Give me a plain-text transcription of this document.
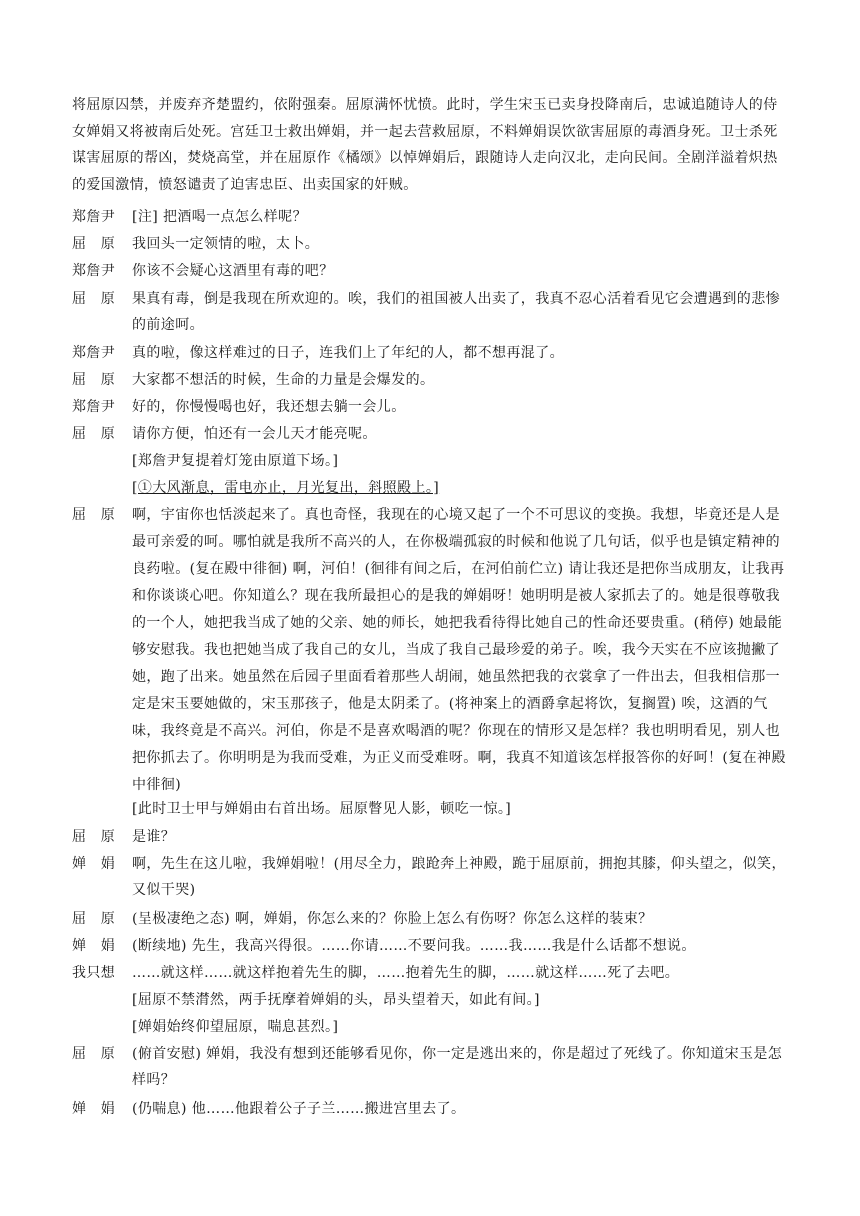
将屈原囚禁，并废弃齐楚盟约，依附强秦。屈原满怀忧愤。此时，学生宋玉已卖身投降南后，忠诚追随诗人的侍女婵娟又将被南后处死。宫廷卫士救出婵娟，并一起去营救屈原，不料婵娟误饮欲害屈原的毒酒身死。卫士杀死谋害屈原的帮凶，焚烧高堂，并在屈原作《橘颂》以悼婵娟后，跟随诗人走向汉北，走向民间。全剧洋溢着炽热的爱国激情，愤怒谴责了迫害忠臣、出卖国家的奸贼。
郑詹尹	[注] 把酒喝一点怎么样呢？
屈　原	我回头一定领情的啦，太卜。
郑詹尹	你该不会疑心这酒里有毒的吧？
屈　原	果真有毒，倒是我现在所欢迎的。唉，我们的祖国被人出卖了，我真不忍心活着看见它会遭遇到的悲惨的前途呵。
郑詹尹	真的啦，像这样难过的日子，连我们上了年纪的人，都不想再混了。
屈　原	大家都不想活的时候，生命的力量是会爆发的。
郑詹尹	好的，你慢慢喝也好，我还想去躺一会儿。
屈　原	请你方便，怕还有一会儿天才能亮呢。
[郑詹尹复提着灯笼由原道下场。]
[①大风渐息，雷电亦止，月光复出，斜照殿上。]
屈　原	啊，宇宙你也恬淡起来了。真也奇怪，我现在的心境又起了一个不可思议的变换。我想，毕竟还是人是最可亲爱的呵。哪怕就是我所不高兴的人，在你极端孤寂的时候和他说了几句话，似乎也是镇定精神的良药啦。(复在殿中徘徊) 啊，河伯！(徊徘有间之后，在河伯前伫立) 请让我还是把你当成朋友，让我再和你谈谈心吧。你知道么？现在我所最担心的是我的婵娟呀！她明明是被人家抓去了的。她是很尊敬我的一个人，她把我当成了她的父亲、她的师长，她把我看待得比她自己的性命还要贵重。(稍停) 她最能够安慰我。我也把她当成了我自己的女儿，当成了我自己最珍爱的弟子。唉，我今天实在不应该抛撇了她，跑了出来。她虽然在后园子里面看着那些人胡闹，她虽然把我的衣裳拿了一件出去，但我相信那一定是宋玉要她做的，宋玉那孩子，他是太阴柔了。(将神案上的酒爵拿起将饮，复搁置) 唉，这酒的气味，我终竟是不高兴。河伯，你是不是喜欢喝酒的呢？你现在的情形又是怎样？我也明明看见，别人也把你抓去了。你明明是为我而受难，为正义而受难呀。啊，我真不知道该怎样报答你的好呵！(复在神殿中徘徊)
[此时卫士甲与婵娟由右首出场。屈原瞥见人影，顿吃一惊。]
屈　原	是谁？
婵　娟	啊，先生在这儿啦，我婵娟啦！(用尽全力，踉跄奔上神殿，跪于屈原前，拥抱其膝，仰头望之，似笑，又似干哭)
屈　原	(呈极凄绝之态) 啊，婵娟，你怎么来的？你脸上怎么有伤呀？你怎么这样的装束？
婵　娟	(断续地) 先生，我高兴得很。……你请……不要问我。……我……我是什么话都不想说。
我只想	……就这样……就这样抱着先生的脚，……抱着先生的脚，……就这样……死了去吧。
[屈原不禁潸然，两手抚摩着婵娟的头，昂头望着天，如此有间。]
[婵娟始终仰望屈原，喘息甚烈。]
屈　原	(俯首安慰) 婵娟，我没有想到还能够看见你，你一定是逃出来的，你是超过了死线了。你知道宋玉是怎样吗？
婵　娟	(仍喘息) 他……他跟着公子子兰……搬进宫里去了。
